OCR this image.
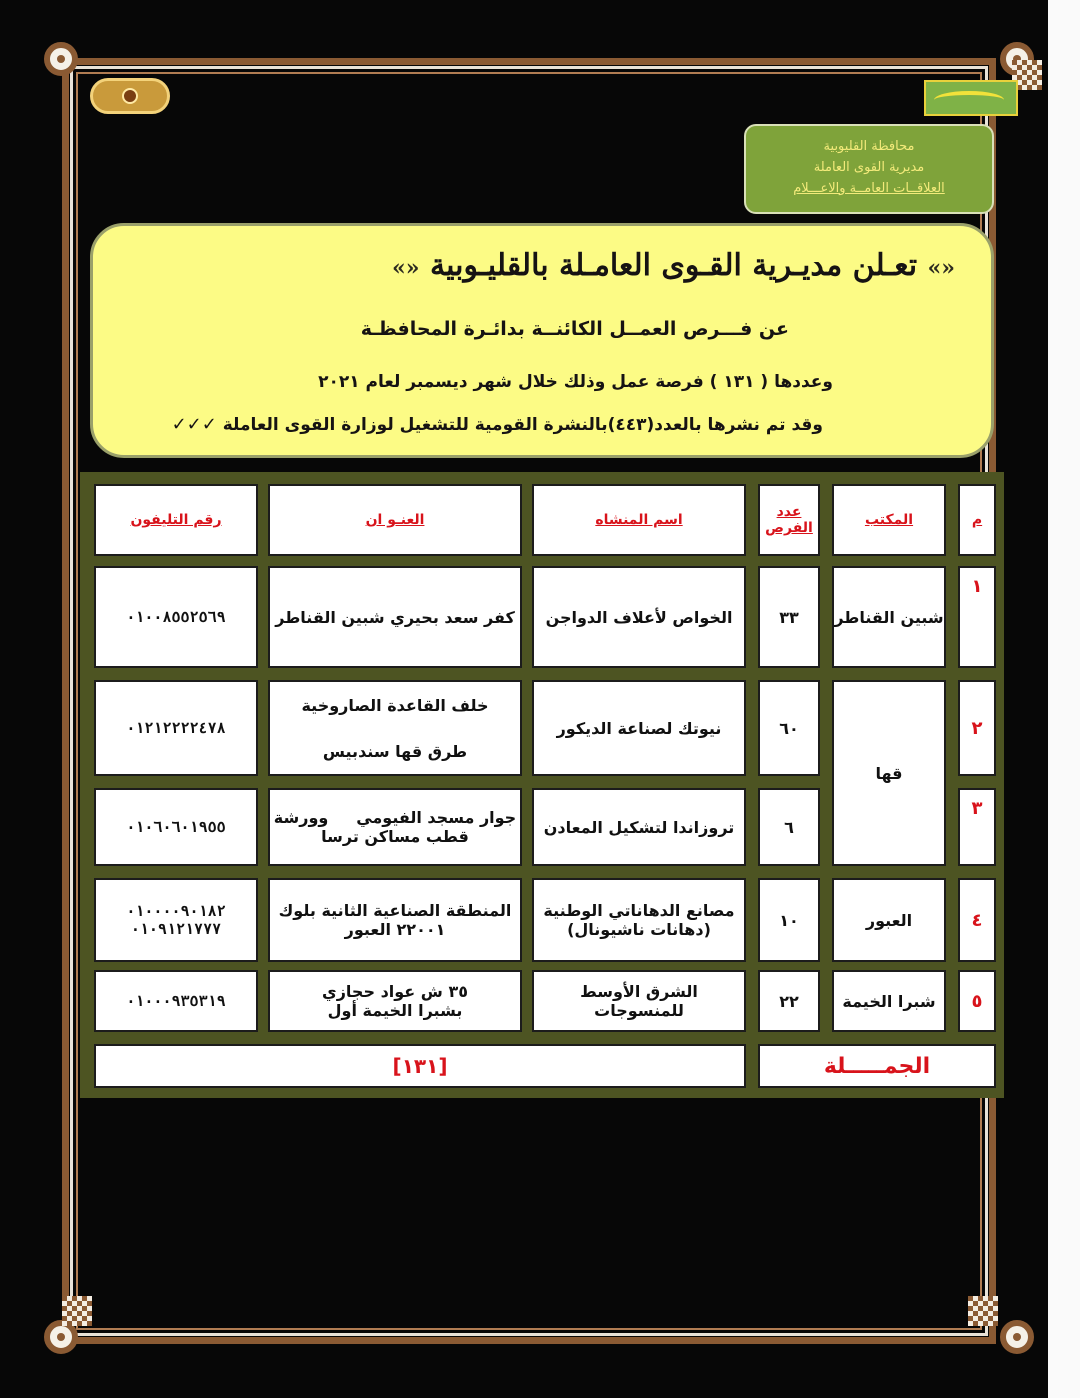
محافظة القليوبية
مديرية القوى العاملة
العلاقــات العامــة والاعـــلام
«» تعـلن مديـرية القـوى العامـلة بالقليـوبية «»
عن فـــرص العمــل الكائنــة بدائـرة المحافظـة
وعددها ( ١٣١ ) فرصة عمل وذلك خلال شهر ديسمبر لعام ٢٠٢١
وقد تم نشرها بالعدد(٤٤٣)بالنشرة القومية للتشغيل لوزارة القوى العاملة ✓✓✓
م
المكتب
عدد
الفرص
اسم المنشاه
العنـو ان
رقم التليفون
١
شبين القناطر
٣٣
الخواص لأعلاف الدواجن
كفر سعد بحيري شبين القناطر
٠١٠٠٨٥٥٢٥٦٩
٢
قها
٦٠
نيوتك لصناعة الديكور
خلف القاعدة الصاروخية
طرق قها سندبيس
٠١٢١٢٢٢٢٤٧٨
٣
٦
تروزاندا لتشكيل المعادن
جوار مسجد الفيومي     وورشة
قطب مساكن ترسا
٠١٠٦٠٦٠١٩٥٥
٤
العبور
١٠
مصانع الدهاناتي الوطنية
(دهانات ناشيونال)
المنطقة الصناعية الثانية بلوك
٢٢٠٠١ العبور
٠١٠٠٠٠٩٠١٨٢
٠١٠٩١٢١٧٧٧
٥
شبرا الخيمة
٢٢
الشرق الأوسط
للمنسوجات
٣٥ ش عواد حجازي
بشبرا الخيمة أول
٠١٠٠٠٩٣٥٣١٩
الجمـــــلة
[١٣١]
